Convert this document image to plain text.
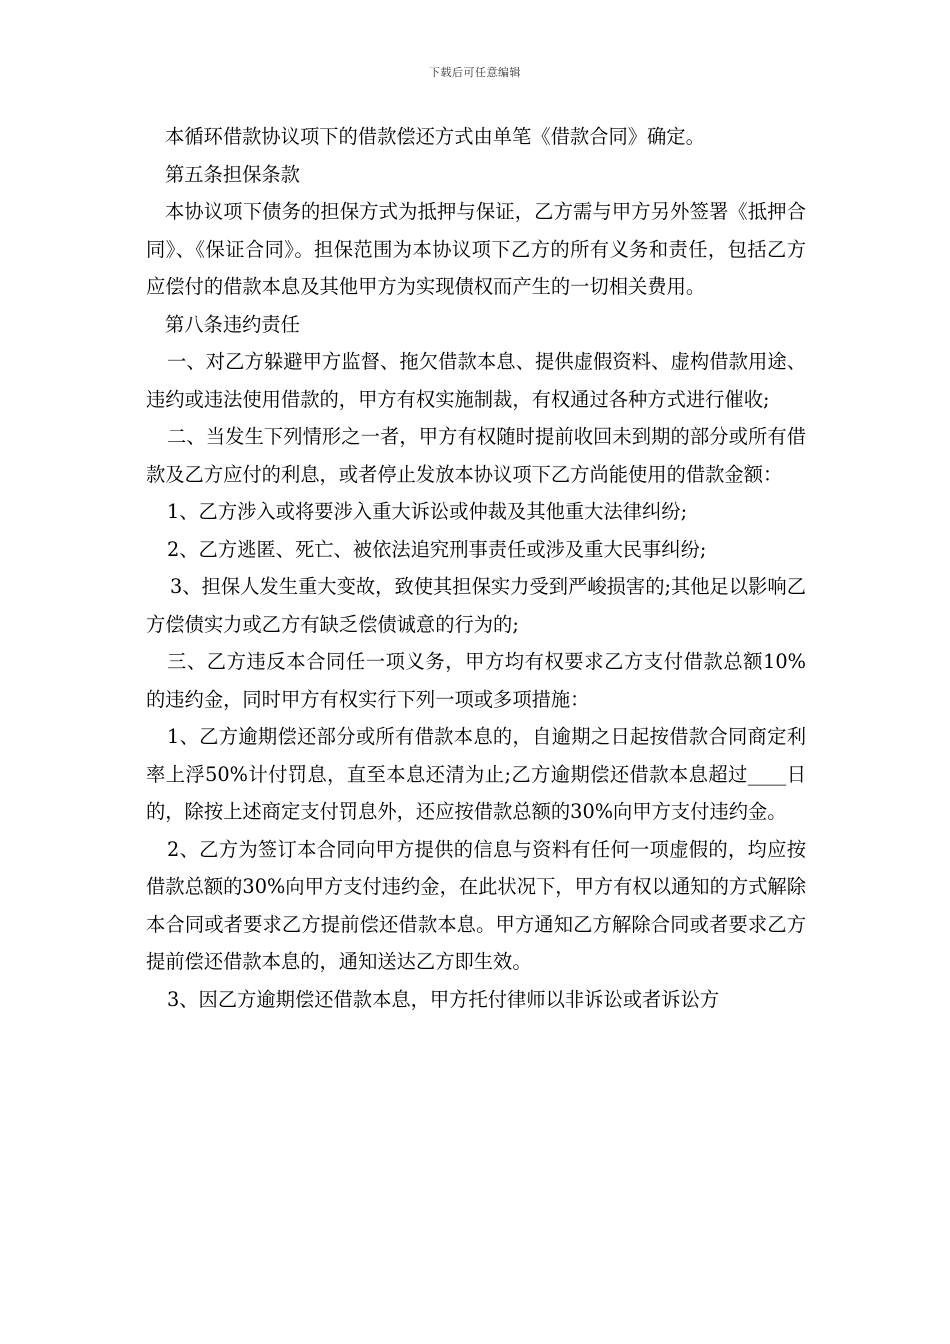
下载后可任意编辑

本循环借款协议项下的借款偿还方式由单笔《借款合同》确定。

第五条担保条款

本协议项下债务的担保方式为抵押与保证，乙方需与甲方另外签署《抵押合同》、《保证合同》。担保范围为本协议项下乙方的所有义务和责任，包括乙方应偿付的借款本息及其他甲方为实现债权而产生的一切相关费用。

第八条违约责任

一、对乙方躲避甲方监督、拖欠借款本息、提供虚假资料、虚构借款用途、违约或违法使用借款的，甲方有权实施制裁，有权通过各种方式进行催收;

二、当发生下列情形之一者，甲方有权随时提前收回未到期的部分或所有借款及乙方应付的利息，或者停止发放本协议项下乙方尚能使用的借款金额：

1、乙方涉入或将要涉入重大诉讼或仲裁及其他重大法律纠纷;

2、乙方逃匿、死亡、被依法追究刑事责任或涉及重大民事纠纷;

3、担保人发生重大变故，致使其担保实力受到严峻损害的;其他足以影响乙方偿债实力或乙方有缺乏偿债诚意的行为的;

三、乙方违反本合同任一项义务，甲方均有权要求乙方支付借款总额10%的违约金，同时甲方有权实行下列一项或多项措施：

1、乙方逾期偿还部分或所有借款本息的，自逾期之日起按借款合同商定利率上浮50%计付罚息，直至本息还清为止;乙方逾期偿还借款本息超过____日的，除按上述商定支付罚息外，还应按借款总额的30%向甲方支付违约金。

2、乙方为签订本合同向甲方提供的信息与资料有任何一项虚假的，均应按借款总额的30%向甲方支付违约金，在此状况下，甲方有权以通知的方式解除本合同或者要求乙方提前偿还借款本息。甲方通知乙方解除合同或者要求乙方提前偿还借款本息的，通知送达乙方即生效。

3、因乙方逾期偿还借款本息，甲方托付律师以非诉讼或者诉讼方
